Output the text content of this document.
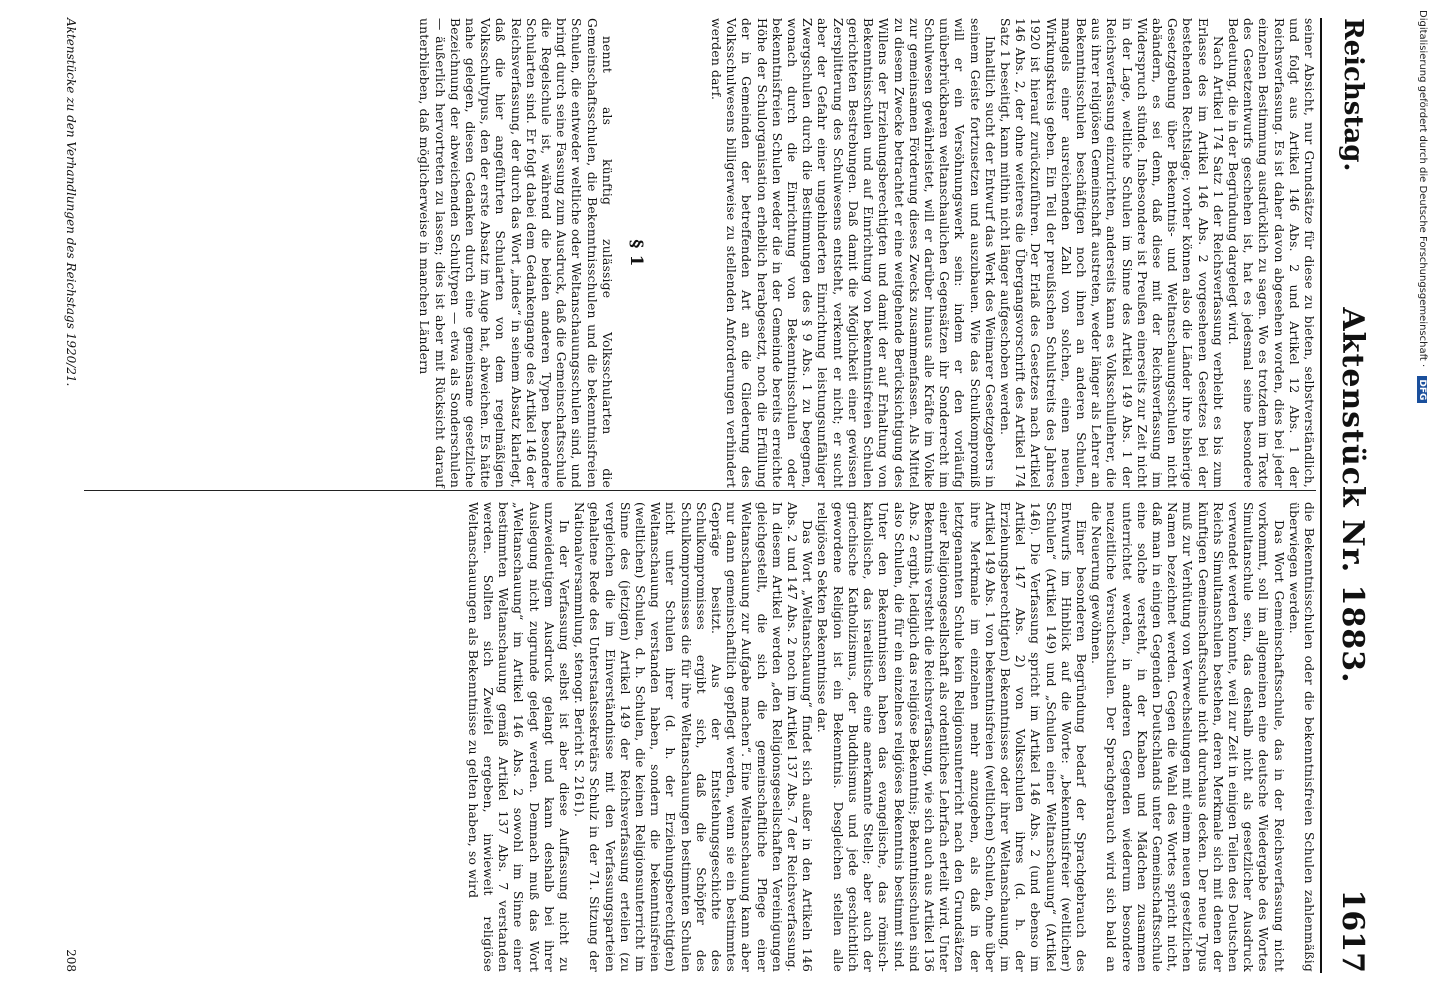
Reichstag.
Aktenstück Nr. 1883.
1617

seiner Absicht, nur Grundsätze für diese zu bieten, selbstverständlich, und folgt aus Artikel 146 Abs. 2 und Artikel 12 Abs. 1 der Reichsverfassung. Es ist daher davon abgesehen worden, dies bei jeder einzelnen Bestimmung ausdrücklich zu sagen. Wo es trotzdem im Texte des Gesetzentwurfs geschehen ist, hat es jedesmal seine besondere Bedeutung, die in der Begründung dargelegt wird.

Nach Artikel 174 Satz 1 der Reichsverfassung verbleibt es bis zum Erlasse des im Artikel 146 Abs. 2 vorgesehenen Gesetzes bei der bestehenden Rechtslage; vorher können also die Länder ihre bisherige Gesetzgebung über Bekenntnis- und Weltanschauungsschulen nicht abändern, es sei denn, daß diese mit der Reichsverfassung im Widerspruch stünde. Insbesondere ist Preußen einerseits zur Zeit nicht in der Lage, weltliche Schulen im Sinne des Artikel 149 Abs. 1 der Reichsverfassung einzurichten, anderseits kann es Volksschullehrer, die aus ihrer religiösen Gemeinschaft austreten, weder länger als Lehrer an Bekenntnisschulen beschäftigen noch ihnen an anderen Schulen, mangels einer ausreichenden Zahl von solchen, einen neuen Wirkungskreis geben. Ein Teil der preußischen Schulstreits des Jahres 1920 ist hierauf zurückzuführen. Der Erlaß des Gesetzes nach Artikel 146 Abs. 2, der ohne weiteres die Übergangsvorschrift des Artikel 174 Satz 1 beseitigt, kann mithin nicht länger aufgeschoben werden.

Inhaltlich sucht der Entwurf das Werk des Weimarer Gesetzgebers in seinem Geiste fortzusetzen und auszubauen. Wie das Schulkompromiß will er ein Versöhnungswerk sein: indem er den vorläufig unüberbrückbaren weltanschaulichen Gegensätzen ihr Sonderrecht im Schulwesen gewährleistet, will er darüber hinaus alle Kräfte im Volke zur gemeinsamen Förderung dieses Zwecks zusammenfassen. Als Mittel zu diesem Zwecke betrachtet er eine weitgehende Berücksichtigung des Willens der Erziehungsberechtigten und damit der auf Erhaltung von Bekenntnisschulen und auf Einrichtung von bekenntnisfreien Schulen gerichteten Bestrebungen. Daß damit die Möglichkeit einer gewissen Zersplitterung des Schulwesens entsteht, verkennt er nicht; er sucht aber der Gefahr einer ungehinderten Einrichtung leistungsunfähiger Zwergschulen durch die Bestimmungen des § 9 Abs. 1 zu begegnen, wonach durch die Einrichtung von Bekenntnisschulen oder bekenntnisfreien Schulen weder die in der Gemeinde bereits erreichte Höhe der Schulorganisation erheblich herabgesetzt, noch die Erfüllung der in Gemeinden der betreffenden Art an die Gliederung des Volksschulwesens billigerweise zu stellenden Anforderungen verhindert werden darf.

§ 1

nennt als künftig zulässige Volksschularten die Gemeinschaftsschulen, die Bekenntnisschulen und die bekenntnisfreien Schulen, die entweder weltliche oder Weltanschauungsschulen sind, und bringt durch seine Fassung zum Ausdruck, daß die Gemeinschaftsschule die Regelschule ist, während die beiden anderen Typen besondere Schularten sind. Er folgt dabei dem Gedankengange des Artikel 146 der Reichsverfassung, der durch das Wort „indes“ in seinem Absatz klarlegt, daß die hier angeführten Schularten von dem regelmäßigen Volksschultypus, den der erste Absatz im Auge hat, abweichen. Es hätte nahe gelegen, diesen Gedanken durch eine gemeinsame gesetzliche Bezeichnung der abweichenden Schultypen — etwa als Sonderschulen — äußerlich hervortreten zu lassen; dies ist aber mit Rücksicht darauf unterblieben, daß möglicherweise in manchen Ländern

die Bekenntnisschulen oder die bekenntnisfreien Schulen zahlenmäßig überwiegen werden.

Das Wort Gemeinschaftsschule, das in der Reichsverfassung nicht vorkommt, soll im allgemeinen eine deutsche Wiedergabe des Wortes Simultanschule sein, das deshalb nicht als gesetzlicher Ausdruck verwendet werden konnte, weil zur Zeit in einigen Teilen des Deutschen Reichs Simultanschulen bestehen, deren Merkmale sich mit denen der künftigen Gemeinschaftsschule nicht durchaus decken. Der neue Typus muß zur Verhütung von Verwechselungen mit einem neuen gesetzlichen Namen bezeichnet werden. Gegen die Wahl des Wortes spricht nicht, daß man in einigen Gegenden Deutschlands unter Gemeinschaftsschule eine solche versteht, in der Knaben und Mädchen zusammen unterrichtet werden, in anderen Gegenden wiederum besondere neuzeitliche Versuchsschulen. Der Sprachgebrauch wird sich bald an die Neuerung gewöhnen.

Einer besonderen Begründung bedarf der Sprachgebrauch des Entwurfs im Hinblick auf die Worte: „bekenntnisfreier (weltlicher) Schulen“ (Artikel 149) und „Schulen einer Weltanschauung“ (Artikel 146). Die Verfassung spricht im Artikel 146 Abs. 2 (und ebenso im Artikel 147 Abs. 2) von Volksschulen ihres (d. h. der Erziehungsberechtigten) Bekenntnisses oder ihrer Weltanschauung, im Artikel 149 Abs. 1 von bekenntnisfreien (weltlichen) Schulen, ohne über ihre Merkmale im einzelnen mehr anzugeben, als daß in der letztgenannten Schule kein Religionsunterricht nach den Grundsätzen einer Religionsgesellschaft als ordentliches Lehrfach erteilt wird. Unter Bekenntnis versteht die Reichsverfassung, wie sich auch aus Artikel 136 Abs. 2 ergibt, lediglich das religiöse Bekenntnis; Bekenntnisschulen sind also Schulen, die für ein einzelnes religiöses Bekenntnis bestimmt sind. Unter den Bekenntnissen haben das evangelische, das römisch-katholische, das israelitische eine anerkannte Stelle; aber auch der griechische Katholizismus, der Buddhismus und jede geschichtlich gewordene Religion ist ein Bekenntnis. Desgleichen stellen alle religiösen Sekten Bekenntnisse dar.

Das Wort „Weltanschauung“ findet sich außer in den Artikeln 146 Abs. 2 und 147 Abs. 2 noch im Artikel 137 Abs. 7 der Reichsverfassung. In diesem Artikel werden „den Religionsgesellschaften Vereinigungen gleichgestellt, die sich die gemeinschaftliche Pflege einer Weltanschauung zur Aufgabe machen“. Eine Weltanschauung kann aber nur dann gemeinschaftlich gepflegt werden, wenn sie ein bestimmtes Gepräge besitzt. Aus der Entstehungsgeschichte des Schulkompromisses ergibt sich, daß die Schöpfer des Schulkompromisses die für ihre Weltanschauungen bestimmten Schulen nicht unter Schulen ihrer (d. h. der Erziehungsberechtigten) Weltanschauung verstanden haben, sondern die bekenntnisfreien (weltlichen) Schulen, d. h. Schulen, die keinen Religionsunterricht im Sinne des (jetzigen) Artikel 149 der Reichsverfassung erteilen (zu vergleichen die im Einverständnisse mit den Verfassungsparteien gehaltene Rede des Unterstaatssekretärs Schulz in der 71. Sitzung der Nationalversammlung, stenogr. Bericht S. 2161).

In der Verfassung selbst ist aber diese Auffassung nicht zu unzweideutigem Ausdruck gelangt und kann deshalb bei ihrer Auslegung nicht zugrunde gelegt werden. Demnach muß das Wort „Weltanschauung“ im Artikel 146 Abs. 2 sowohl im Sinne einer bestimmten Weltanschauung gemäß Artikel 137 Abs. 7 verstanden werden. Sollten sich Zweifel ergeben, inwieweit religiöse Weltanschauungen als Bekenntnisse zu gelten haben, so wird

Aktenstücke zu den Verhandlungen des Reichstags 1920/21.
208
Digitalisierung gefördert durch die Deutsche Forschungsgemeinschaft · DFG
